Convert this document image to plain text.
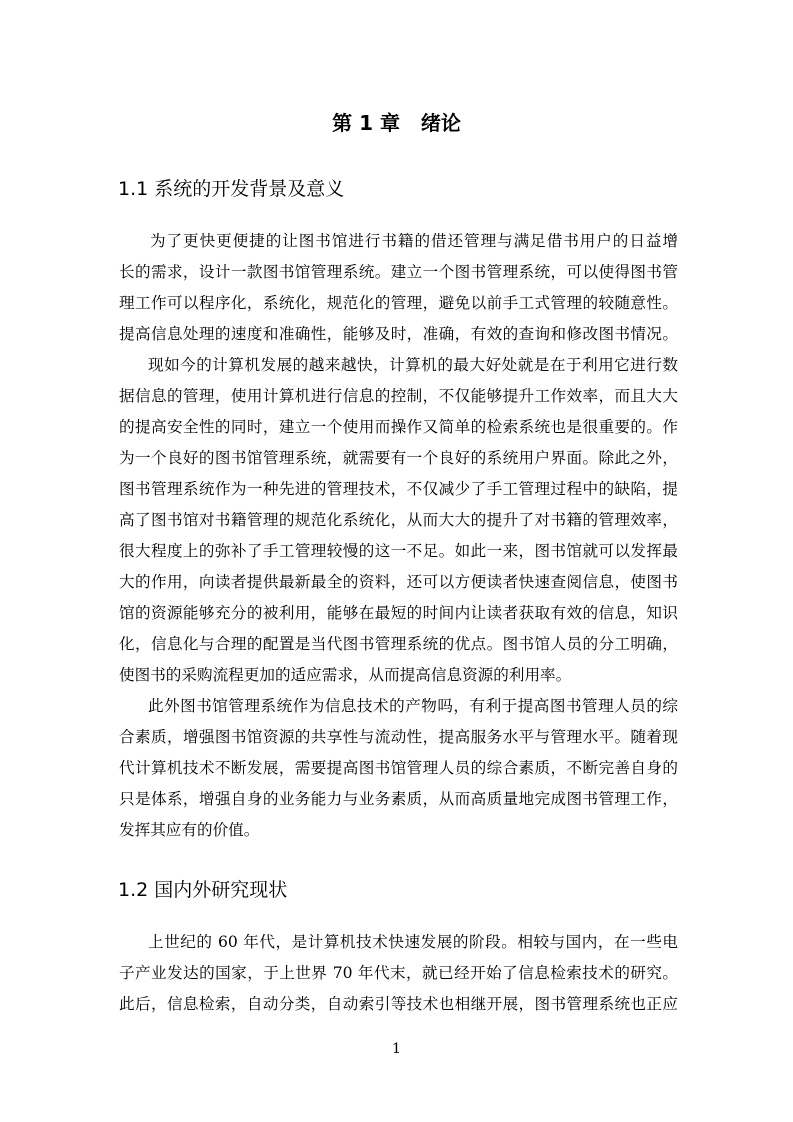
第 1 章   绪论
1.1 系统的开发背景及意义

为了更快更便捷的让图书馆进行书籍的借还管理与满足借书用户的日益增
长的需求，设计一款图书馆管理系统。建立一个图书管理系统，可以使得图书管
理工作可以程序化，系统化，规范化的管理，避免以前手工式管理的较随意性。
提高信息处理的速度和准确性，能够及时，准确，有效的查询和修改图书情况。

现如今的计算机发展的越来越快，计算机的最大好处就是在于利用它进行数
据信息的管理，使用计算机进行信息的控制，不仅能够提升工作效率，而且大大
的提高安全性的同时，建立一个使用而操作又简单的检索系统也是很重要的。作
为一个良好的图书馆管理系统，就需要有一个良好的系统用户界面。除此之外，
图书管理系统作为一种先进的管理技术，不仅减少了手工管理过程中的缺陷，提
高了图书馆对书籍管理的规范化系统化，从而大大的提升了对书籍的管理效率，
很大程度上的弥补了手工管理较慢的这一不足。如此一来，图书馆就可以发挥最
大的作用，向读者提供最新最全的资料，还可以方便读者快速查阅信息，使图书
馆的资源能够充分的被利用，能够在最短的时间内让读者获取有效的信息，知识
化，信息化与合理的配置是当代图书管理系统的优点。图书馆人员的分工明确，
使图书的采购流程更加的适应需求，从而提高信息资源的利用率。

此外图书馆管理系统作为信息技术的产物吗，有利于提高图书管理人员的综
合素质，增强图书馆资源的共享性与流动性，提高服务水平与管理水平。随着现
代计算机技术不断发展，需要提高图书馆管理人员的综合素质，不断完善自身的
只是体系，增强自身的业务能力与业务素质，从而高质量地完成图书管理工作，
发挥其应有的价值。

1.2 国内外研究现状

上世纪的 60 年代，是计算机技术快速发展的阶段。相较与国内，在一些电
子产业发达的国家，于上世界 70 年代末，就已经开始了信息检索技术的研究。
此后，信息检索，自动分类，自动索引等技术也相继开展，图书管理系统也正应

1
